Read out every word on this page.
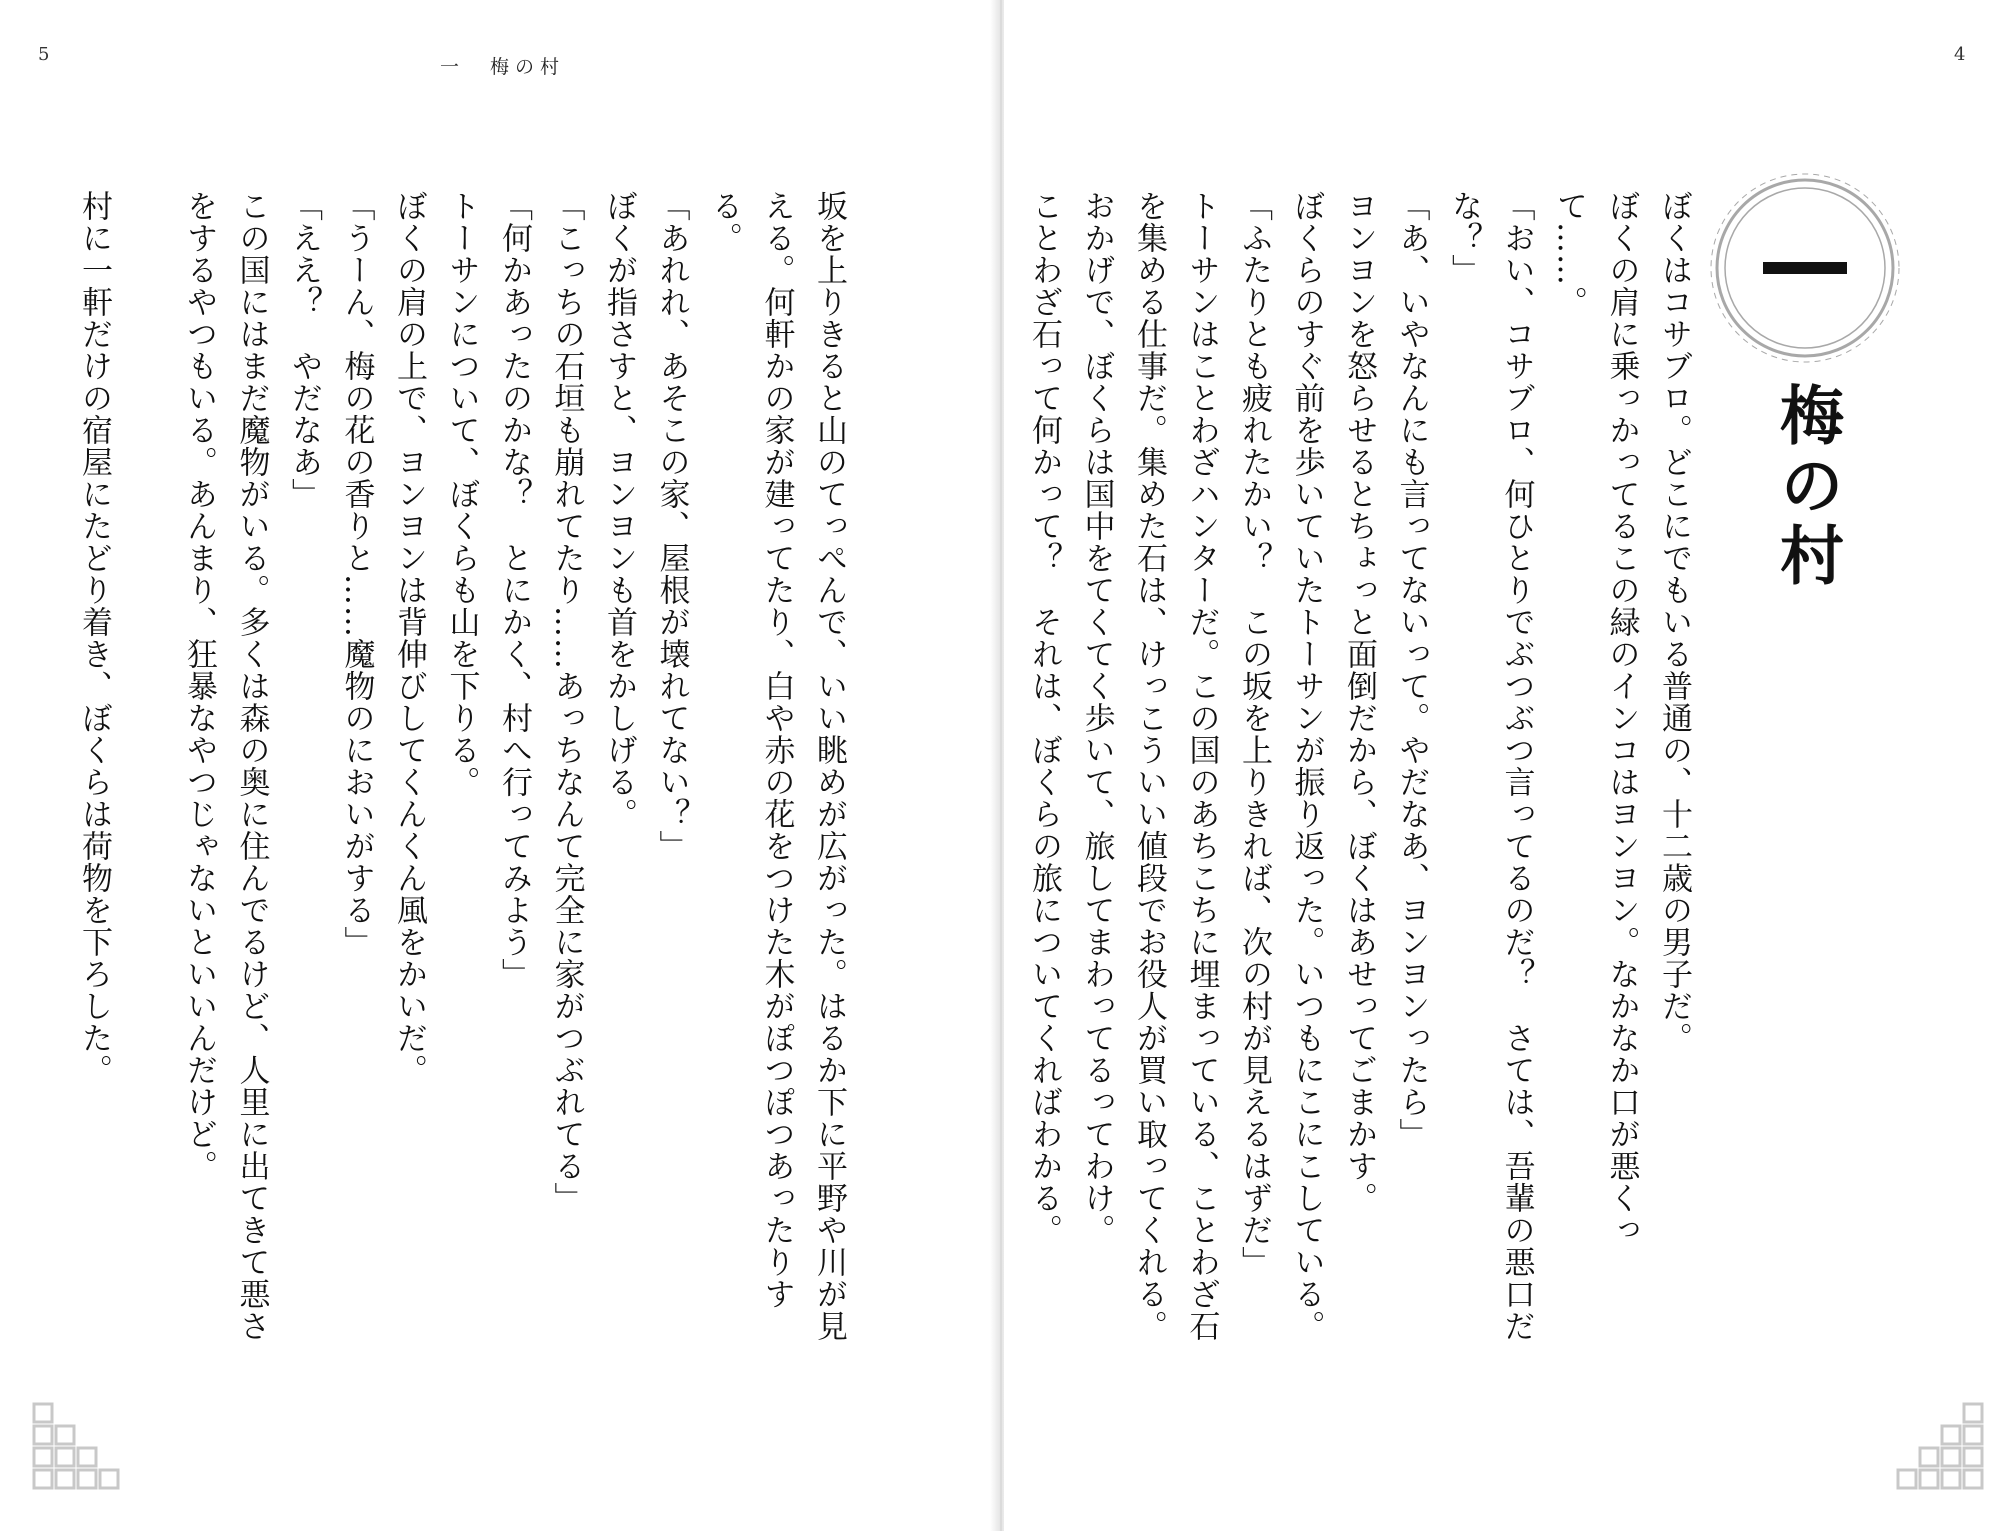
5
一　梅の村
坂を上りきると山のてっぺんで、いい眺めが広がった。はるか下に平野や川が見える。何軒かの家が建ってたり、白や赤の花をつけた木がぽつぽつあったりする。
「あれれ、あそこの家、屋根が壊れてない？」
ぼくが指さすと、ヨンヨンも首をかしげる。
「こっちの石垣も崩れてたり……あっちなんて完全に家がつぶれてる」
「何かあったのかな？　とにかく、村へ行ってみよう」
トーサンについて、ぼくらも山を下りる。
ぼくの肩の上で、ヨンヨンは背伸びしてくんくん風をかいだ。
「うーん、梅の花の香りと……魔物のにおいがする」
「ええ？　やだなあ」
この国にはまだ魔物がいる。多くは森の奥に住んでるけど、人里に出てきて悪さをするやつもいる。あんまり、狂暴なやつじゃないといいんだけど。

村に一軒だけの宿屋にたどり着き、ぼくらは荷物を下ろした。
4
梅の村
ぼくはコサブロ。どこにでもいる普通の、十二歳の男子だ。
ぼくの肩に乗っかってるこの緑のインコはヨンヨン。なかなか口が悪くって……。
「おい、コサブロ、何ひとりでぶつぶつ言ってるのだ？　さては、吾輩の悪口だな？」
「あ、いやなんにも言ってないって。やだなあ、ヨンヨンったら」
ヨンヨンを怒らせるとちょっと面倒だから、ぼくはあせってごまかす。
ぼくらのすぐ前を歩いていたトーサンが振り返った。いつもにこにこしている。
「ふたりとも疲れたかい？　この坂を上りきれば、次の村が見えるはずだ」
トーサンはことわざハンターだ。この国のあちこちに埋まっている、ことわざ石を集める仕事だ。集めた石は、けっこういい値段でお役人が買い取ってくれる。
おかげで、ぼくらは国中をてくてく歩いて、旅してまわってるってわけ。
ことわざ石って何かって？　それは、ぼくらの旅についてくればわかる。
